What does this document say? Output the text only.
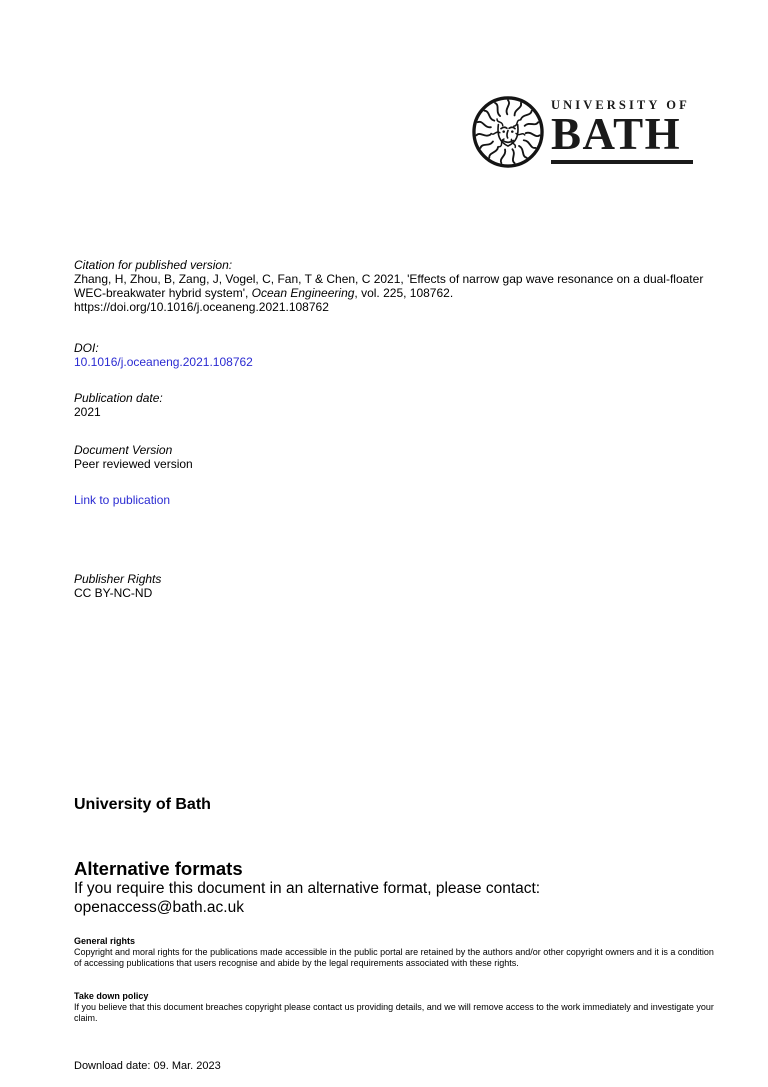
UNIVERSITY OF
BATH
Citation for published version:

Zhang, H, Zhou, B, Zang, J, Vogel, C, Fan, T & Chen, C 2021, 'Effects of narrow gap wave resonance on a dual-floater WEC-breakwater hybrid system', Ocean Engineering, vol. 225, 108762.

https://doi.org/10.1016/j.oceaneng.2021.108762
DOI:
10.1016/j.oceaneng.2021.108762
Publication date:
2021
Document Version
Peer reviewed version
Link to publication
Publisher Rights
CC BY-NC-ND
University of Bath
Alternative formats
If you require this document in an alternative format, please contact:
openaccess@bath.ac.uk
General rights
Copyright and moral rights for the publications made accessible in the public portal are retained by the authors and/or other copyright owners and it is a condition of accessing publications that users recognise and abide by the legal requirements associated with these rights.
Take down policy
If you believe that this document breaches copyright please contact us providing details, and we will remove access to the work immediately and investigate your claim.
Download date: 09. Mar. 2023
